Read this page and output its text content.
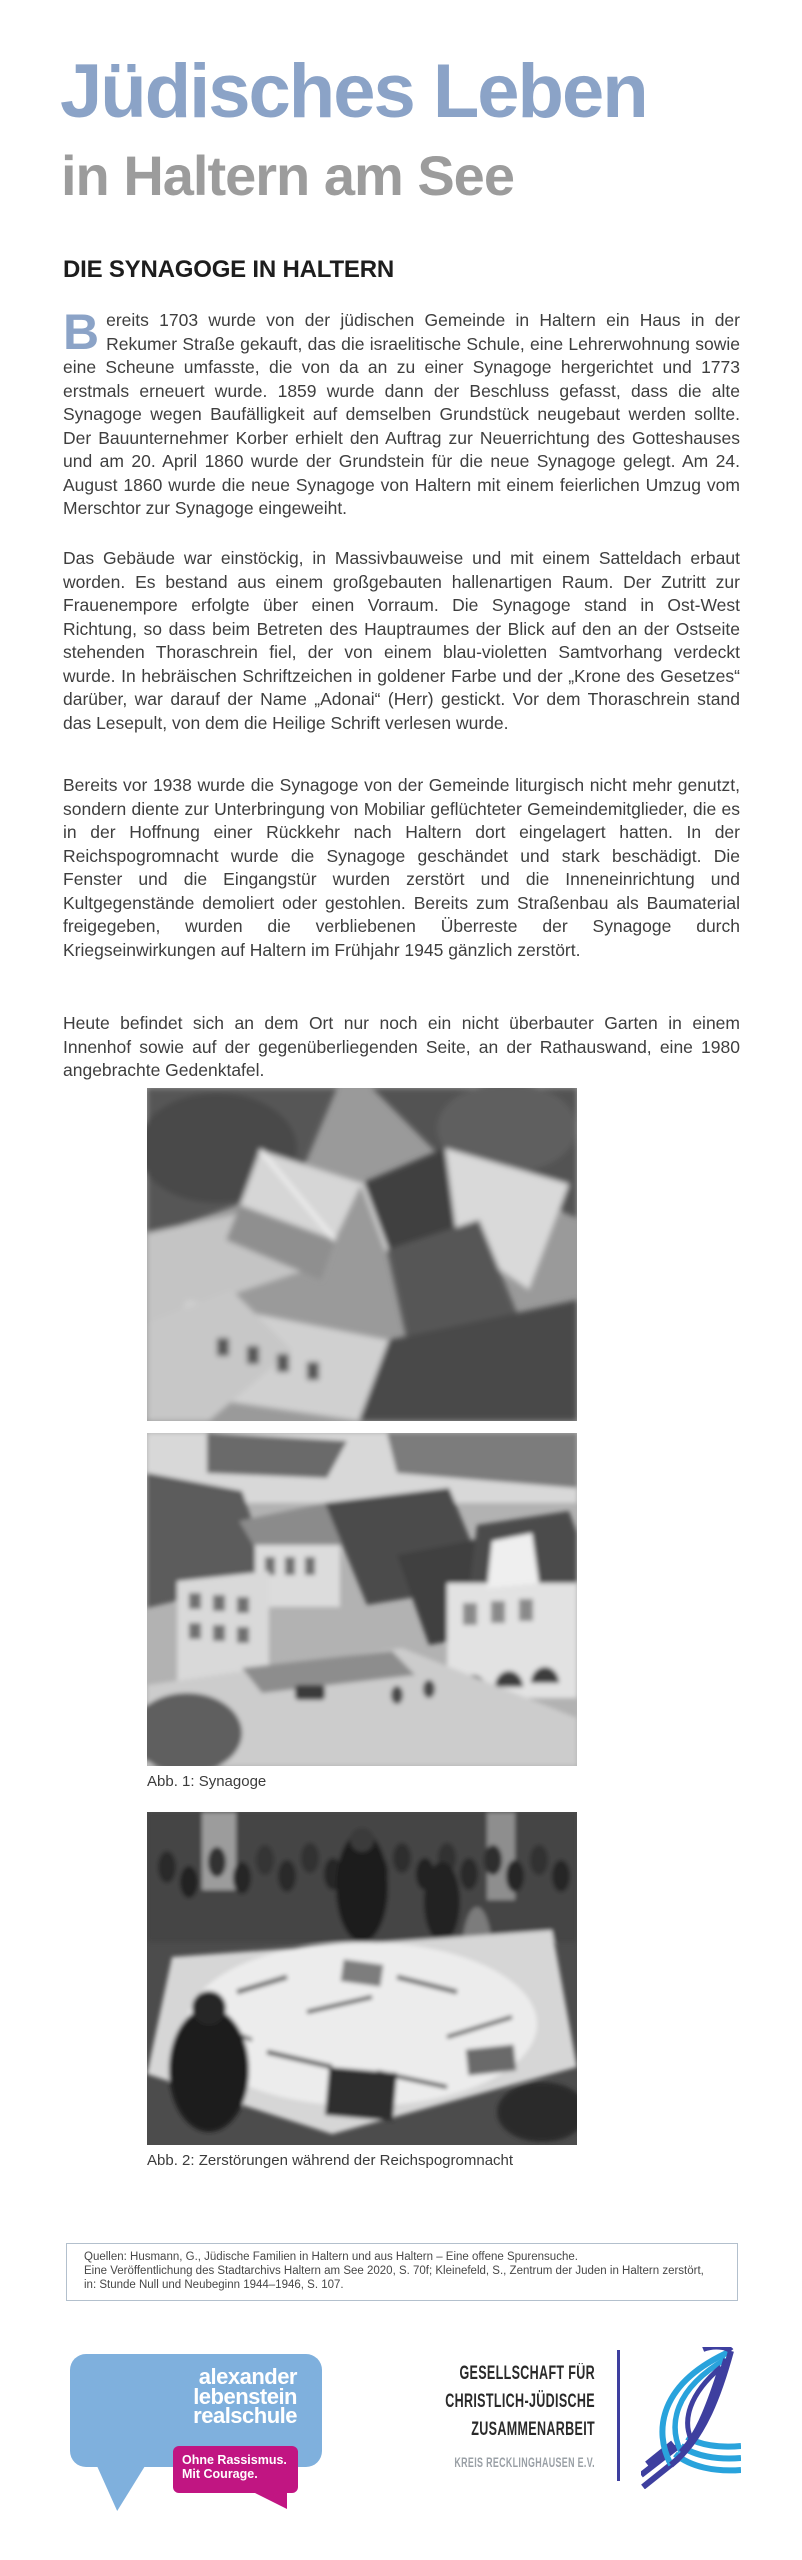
Jüdisches Leben
in Haltern am See
DIE SYNAGOGE IN HALTERN
Bereits 1703 wurde von der jüdischen Gemeinde in Haltern ein Haus in der Rekumer Straße gekauft, das die israelitische Schule, eine Lehrerwohnung sowie eine Scheune umfasste, die von da an zu einer Synagoge hergerichtet und 1773 erstmals erneuert wurde. 1859 wurde dann der Beschluss gefasst, dass die alte Synagoge wegen Baufälligkeit auf demselben Grundstück neugebaut werden sollte. Der Bauunternehmer Korber erhielt den Auftrag zur Neuerrichtung des Gotteshauses und am 20. April 1860 wurde der Grundstein für die neue Synagoge gelegt. Am 24. August 1860 wurde die neue Synagoge von Haltern mit einem feierlichen Umzug vom Merschtor zur Synagoge eingeweiht.
Das Gebäude war einstöckig, in Massivbauweise und mit einem Satteldach erbaut worden. Es bestand aus einem großgebauten hallenartigen Raum. Der Zutritt zur Frauenempore erfolgte über einen Vorraum. Die Synagoge stand in Ost-West Richtung, so dass beim Betreten des Hauptraumes der Blick auf den an der Ostseite stehenden Thoraschrein fiel, der von einem blau-violetten Samtvorhang verdeckt wurde. In hebräischen Schriftzeichen in goldener Farbe und der „Krone des Gesetzes“ darüber, war darauf der Name „Adonai“ (Herr) gestickt. Vor dem Thoraschrein stand das Lesepult, von dem die Heilige Schrift verlesen wurde.
Bereits vor 1938 wurde die Synagoge von der Gemeinde liturgisch nicht mehr genutzt, sondern diente zur Unterbringung von Mobiliar geflüchteter Gemeindemitglieder, die es in der Hoffnung einer Rückkehr nach Haltern dort eingelagert hatten. In der Reichspogromnacht wurde die Synagoge geschändet und stark beschädigt. Die Fenster und die Eingangstür wurden zerstört und die Inneneinrichtung und Kultgegenstände demoliert oder gestohlen. Bereits zum Straßenbau als Baumaterial freigegeben, wurden die verbliebenen Überreste der Synagoge durch Kriegseinwirkungen auf Haltern im Frühjahr 1945 gänzlich zerstört.
Heute befindet sich an dem Ort nur noch ein nicht überbauter Garten in einem Innenhof sowie auf der gegenüberliegenden Seite, an der Rathauswand, eine 1980 angebrachte Gedenktafel.
Abb. 1: Synagoge
Abb. 2: Zerstörungen während der Reichspogromnacht
Quellen: Husmann, G., Jüdische Familien in Haltern und aus Haltern – Eine offene Spurensuche.
Eine Veröffentlichung des Stadtarchivs Haltern am See 2020, S. 70f; Kleinefeld, S., Zentrum der Juden in Haltern zerstört,
in: Stunde Null und Neubeginn 1944–1946, S. 107.
alexander
lebenstein
realschule
Ohne Rassismus.
Mit Courage.
GESELLSCHAFT FÜR
CHRISTLICH-JÜDISCHE
ZUSAMMENARBEIT
KREIS RECKLINGHAUSEN E.V.
